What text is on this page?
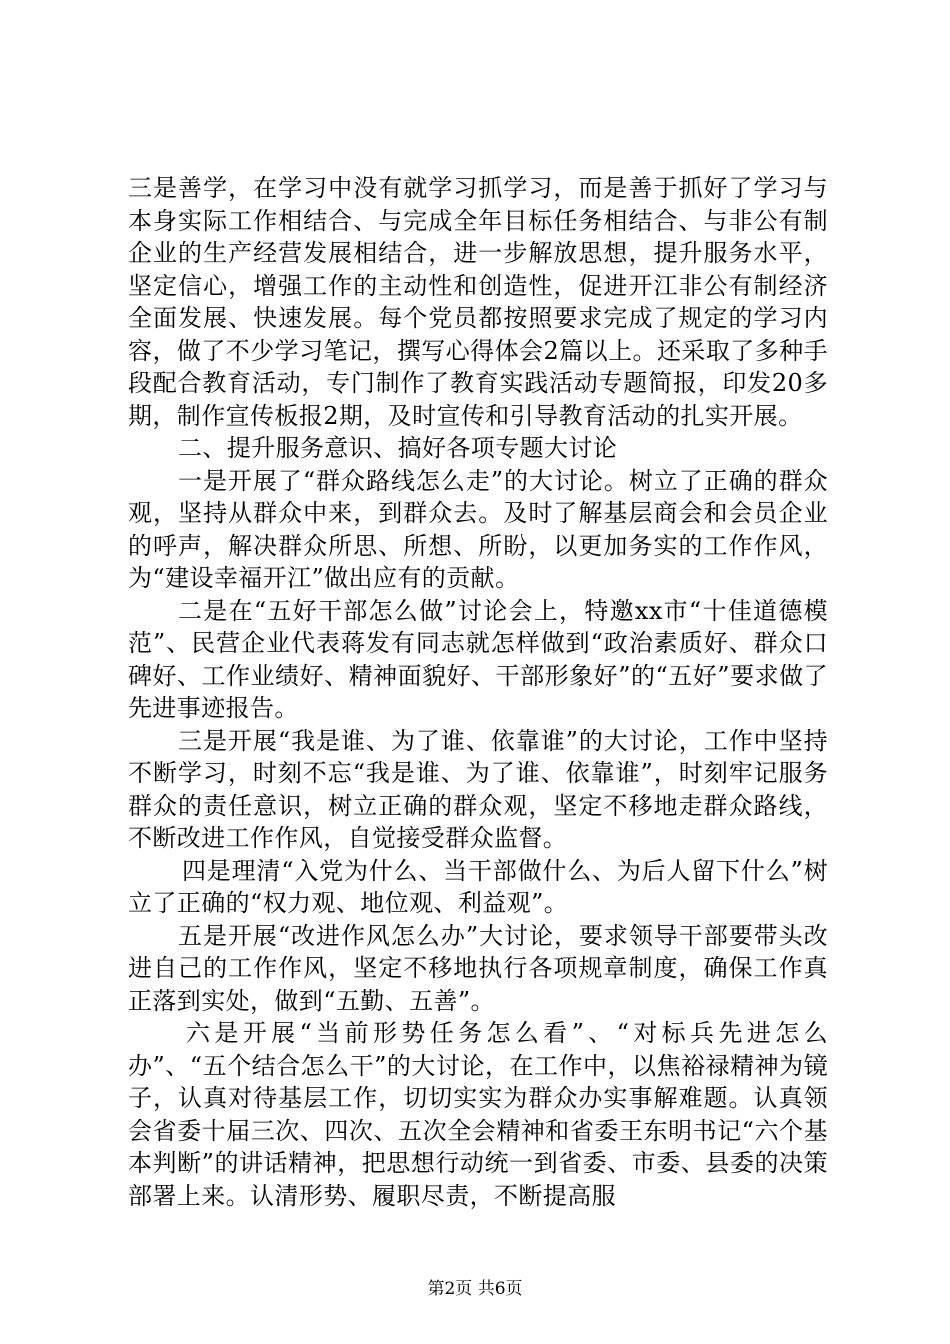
三是善学，在学习中没有就学习抓学习，而是善于抓好了学习与本身实际工作相结合、与完成全年目标任务相结合、与非公有制企业的生产经营发展相结合，进一步解放思想，提升服务水平，坚定信心，增强工作的主动性和创造性，促进开江非公有制经济全面发展、快速发展。每个党员都按照要求完成了规定的学习内容，做了不少学习笔记，撰写心得体会2篇以上。还采取了多种手段配合教育活动，专门制作了教育实践活动专题简报，印发20多期，制作宣传板报2期，及时宣传和引导教育活动的扎实开展。

二、提升服务意识、搞好各项专题大讨论

一是开展了“群众路线怎么走”的大讨论。树立了正确的群众观，坚持从群众中来，到群众去。及时了解基层商会和会员企业的呼声，解决群众所思、所想、所盼，以更加务实的工作作风，为“建设幸福开江”做出应有的贡献。

二是在“五好干部怎么做”讨论会上，特邀xx市“十佳道德模范”、民营企业代表蒋发有同志就怎样做到“政治素质好、群众口碑好、工作业绩好、精神面貌好、干部形象好”的“五好”要求做了先进事迹报告。

三是开展“我是谁、为了谁、依靠谁”的大讨论，工作中坚持不断学习，时刻不忘“我是谁、为了谁、依靠谁”，时刻牢记服务群众的责任意识，树立正确的群众观，坚定不移地走群众路线，不断改进工作作风，自觉接受群众监督。

四是理清“入党为什么、当干部做什么、为后人留下什么”树立了正确的“权力观、地位观、利益观”。

五是开展“改进作风怎么办”大讨论，要求领导干部要带头改进自己的工作作风，坚定不移地执行各项规章制度，确保工作真正落到实处，做到“五勤、五善”。

六是开展“当前形势任务怎么看”、“对标兵先进怎么办”、“五个结合怎么干”的大讨论，在工作中，以焦裕禄精神为镜子，认真对待基层工作，切切实实为群众办实事解难题。认真领会省委十届三次、四次、五次全会精神和省委王东明书记“六个基本判断”的讲话精神，把思想行动统一到省委、市委、县委的决策部署上来。认清形势、履职尽责，不断提高服

第2页 共6页
